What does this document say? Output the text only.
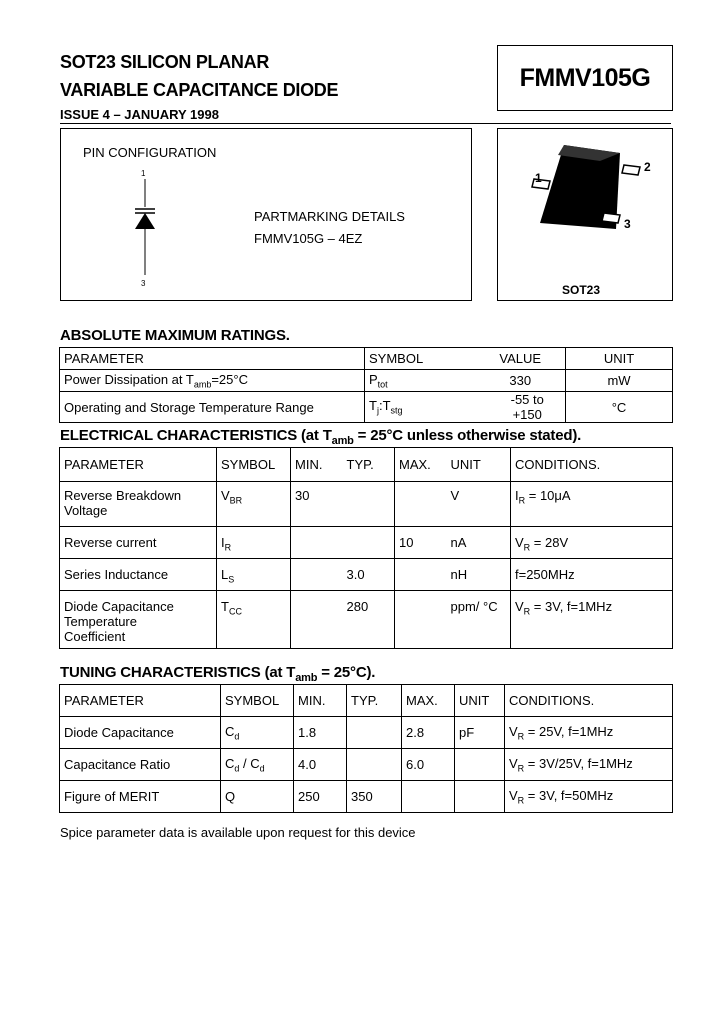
SOT23 SILICON PLANAR
VARIABLE CAPACITANCE DIODE
ISSUE 4 – JANUARY 1998
FMMV105G
PIN CONFIGURATION
1
3
PARTMARKING DETAILS
FMMV105G – 4EZ
1
2
3
SOT23
ABSOLUTE MAXIMUM RATINGS.
PARAMETER	SYMBOL	VALUE	UNIT
Power Dissipation at $T_{amb}=25^\circ C$	$P_{tot}$	330	mW
Operating and Storage Temperature Range	$T_j:T_{stg}$	-55 to +150	°C
ELECTRICAL CHARACTERISTICS (at $T_{amb} = 25^\circ C$ unless otherwise stated).
PARAMETER	SYMBOL	MIN.	TYP.	MAX.	UNIT	CONDITIONS.

Reverse Breakdown
Voltage	$V_{BR}$	30			V	$I_R = 10\mu A$
Reverse current	$I_R$			10	nA	$V_R = 28V$
Series Inductance	$L_S$		3.0		nH	f=250MHz

Diode Capacitance
Temperature
Coefficient	$T_{CC}$		280		ppm/ °C	$V_R = 3V$, f=1MHz
TUNING CHARACTERISTICS (at $T_{amb} = 25^\circ C$).
PARAMETER	SYMBOL	MIN.	TYP.	MAX.	UNIT	CONDITIONS.
Diode Capacitance	$C_d$	1.8		2.8	pF	$V_R = 25V$, f=1MHz
Capacitance Ratio	$C_d / C_d$	4.0		6.0		$V_R = 3V/25V$, f=1MHz
Figure of MERIT	Q	250	350			$V_R = 3V$, f=50MHz
Spice parameter data is available upon request for this device
